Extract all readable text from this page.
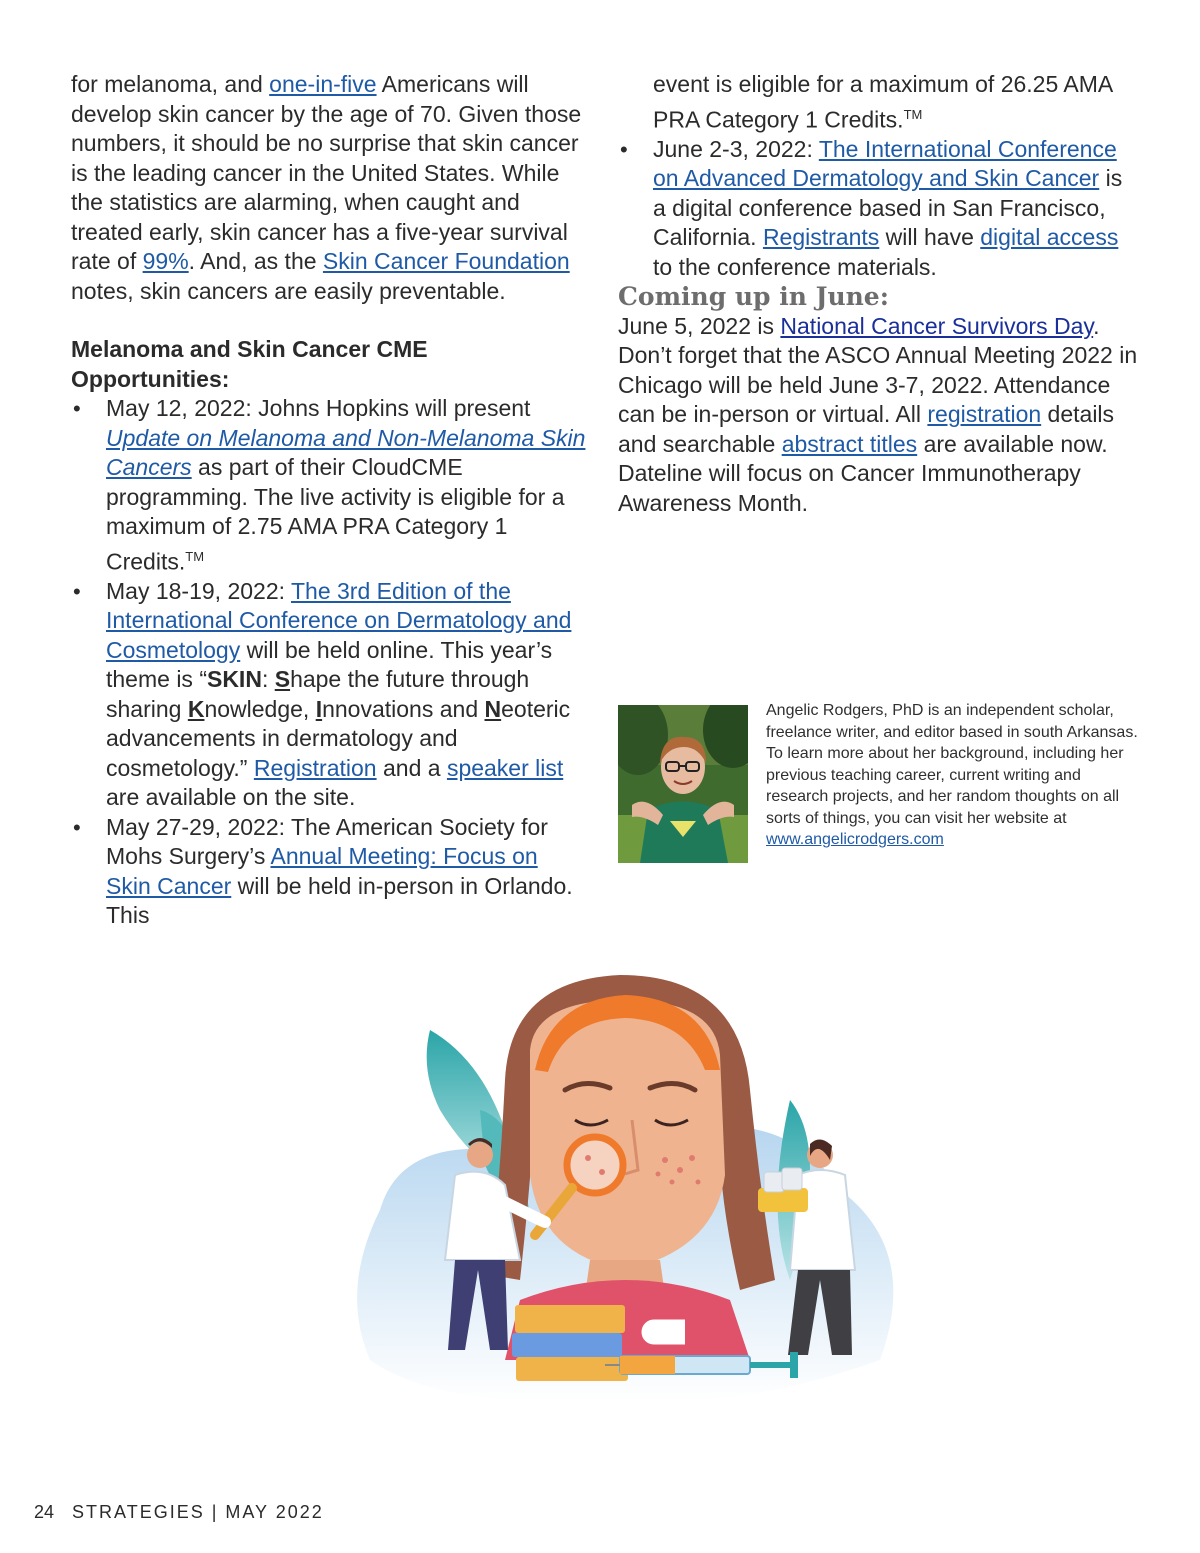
for melanoma, and one-in-five Americans will develop skin cancer by the age of 70. Given those numbers, it should be no surprise that skin cancer is the leading cancer in the United States. While the statistics are alarming, when caught and treated early, skin cancer has a five-year survival rate of 99%. And, as the Skin Cancer Foundation notes, skin cancers are easily preventable.

Melanoma and Skin Cancer CME Opportunities:

• May 12, 2022: Johns Hopkins will present Update on Melanoma and Non-Melanoma Skin Cancers as part of their CloudCME programming. The live activity is eligible for a maximum of 2.75 AMA PRA Category 1 Credits.™
• May 18-19, 2022: The 3rd Edition of the International Conference on Dermatology and Cosmetology will be held online. This year’s theme is “SKIN: Shape the future through sharing Knowledge, Innovations and Neoteric advancements in dermatology and cosmetology.” Registration and a speaker list are available on the site.
• May 27-29, 2022: The American Society for Mohs Surgery’s Annual Meeting: Focus on Skin Cancer will be held in-person in Orlando. This

event is eligible for a maximum of 26.25 AMA PRA Category 1 Credits.™

• June 2-3, 2022: The International Conference on Advanced Dermatology and Skin Cancer is a digital conference based in San Francisco, California. Registrants will have digital access to the conference materials.

Coming up in June:

June 5, 2022 is National Cancer Survivors Day. Don’t forget that the ASCO Annual Meeting 2022 in Chicago will be held June 3-7, 2022. Attendance can be in-person or virtual. All registration details and searchable abstract titles are available now. Dateline will focus on Cancer Immunotherapy Awareness Month.

Angelic Rodgers, PhD is an independent scholar, freelance writer, and editor based in south Arkansas. To learn more about her background, including her previous teaching career, current writing and research projects, and her random thoughts on all sorts of things, you can visit her website at www.angelicrodgers.com
24 STRATEGIES | MAY 2022
